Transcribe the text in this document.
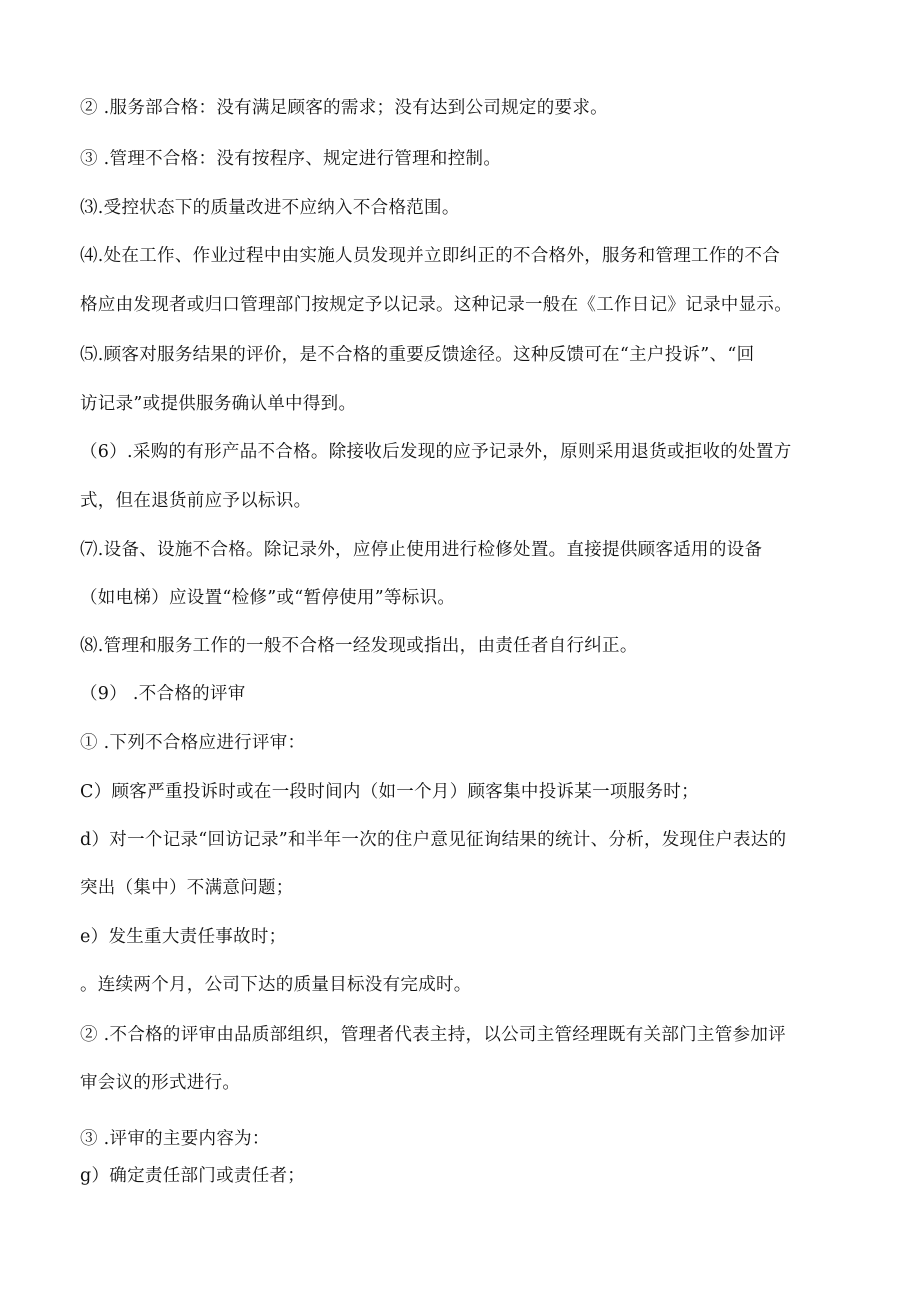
② .服务部合格：没有满足顾客的需求；没有达到公司规定的要求。
③ .管理不合格：没有按程序、规定进行管理和控制。
⑶.受控状态下的质量改进不应纳入不合格范围。
⑷.处在工作、作业过程中由实施人员发现并立即纠正的不合格外，服务和管理工作的不合
格应由发现者或归口管理部门按规定予以记录。这种记录一般在《工作日记》记录中显示。
⑸.顾客对服务结果的评价，是不合格的重要反馈途径。这种反馈可在“主户投诉”、“回
访记录”或提供服务确认单中得到。
（6）.采购的有形产品不合格。除接收后发现的应予记录外，原则采用退货或拒收的处置方
式，但在退货前应予以标识。
⑺.设备、设施不合格。除记录外，应停止使用进行检修处置。直接提供顾客适用的设备
（如电梯）应设置“检修”或“暂停使用”等标识。
⑻.管理和服务工作的一般不合格一经发现或指出，由责任者自行纠正。
（9） .不合格的评审
① .下列不合格应进行评审：
C）顾客严重投诉时或在一段时间内（如一个月）顾客集中投诉某一项服务时；
d）对一个记录“回访记录”和半年一次的住户意见征询结果的统计、分析，发现住户表达的
突出（集中）不满意问题；
e）发生重大责任事故时；
。连续两个月，公司下达的质量目标没有完成时。
② .不合格的评审由品质部组织，管理者代表主持，以公司主管经理既有关部门主管参加评
审会议的形式进行。
③ .评审的主要内容为：
g）确定责任部门或责任者；
